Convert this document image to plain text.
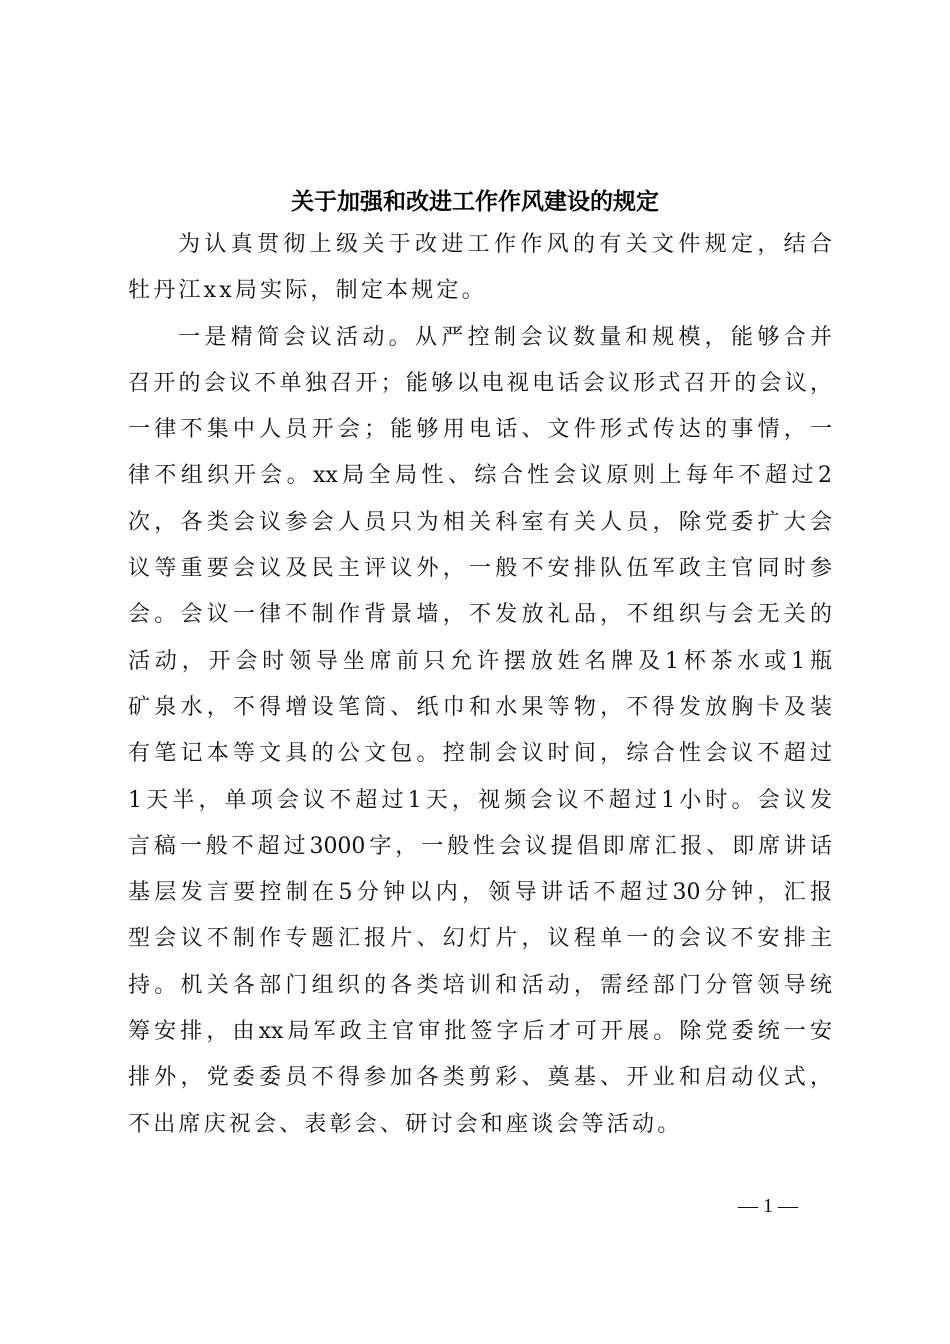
关于加强和改进工作作风建设的规定
为认真贯彻上级关于改进工作作风的有关文件规定，结合
牡丹江xx局实际，制定本规定。
一是精简会议活动。从严控制会议数量和规模，能够合并
召开的会议不单独召开；能够以电视电话会议形式召开的会议，
一律不集中人员开会；能够用电话、文件形式传达的事情，一
律不组织开会。xx局全局性、综合性会议原则上每年不超过2
次，各类会议参会人员只为相关科室有关人员，除党委扩大会
议等重要会议及民主评议外，一般不安排队伍军政主官同时参
会。会议一律不制作背景墙，不发放礼品，不组织与会无关的
活动，开会时领导坐席前只允许摆放姓名牌及1杯茶水或1瓶
矿泉水，不得增设笔筒、纸巾和水果等物，不得发放胸卡及装
有笔记本等文具的公文包。控制会议时间，综合性会议不超过
1天半，单项会议不超过1天，视频会议不超过1小时。会议发
言稿一般不超过3000字，一般性会议提倡即席汇报、即席讲话
基层发言要控制在5分钟以内，领导讲话不超过30分钟，汇报
型会议不制作专题汇报片、幻灯片，议程单一的会议不安排主
持。机关各部门组织的各类培训和活动，需经部门分管领导统
筹安排，由xx局军政主官审批签字后才可开展。除党委统一安
排外，党委委员不得参加各类剪彩、奠基、开业和启动仪式，
不出席庆祝会、表彰会、研讨会和座谈会等活动。
— 1 —
